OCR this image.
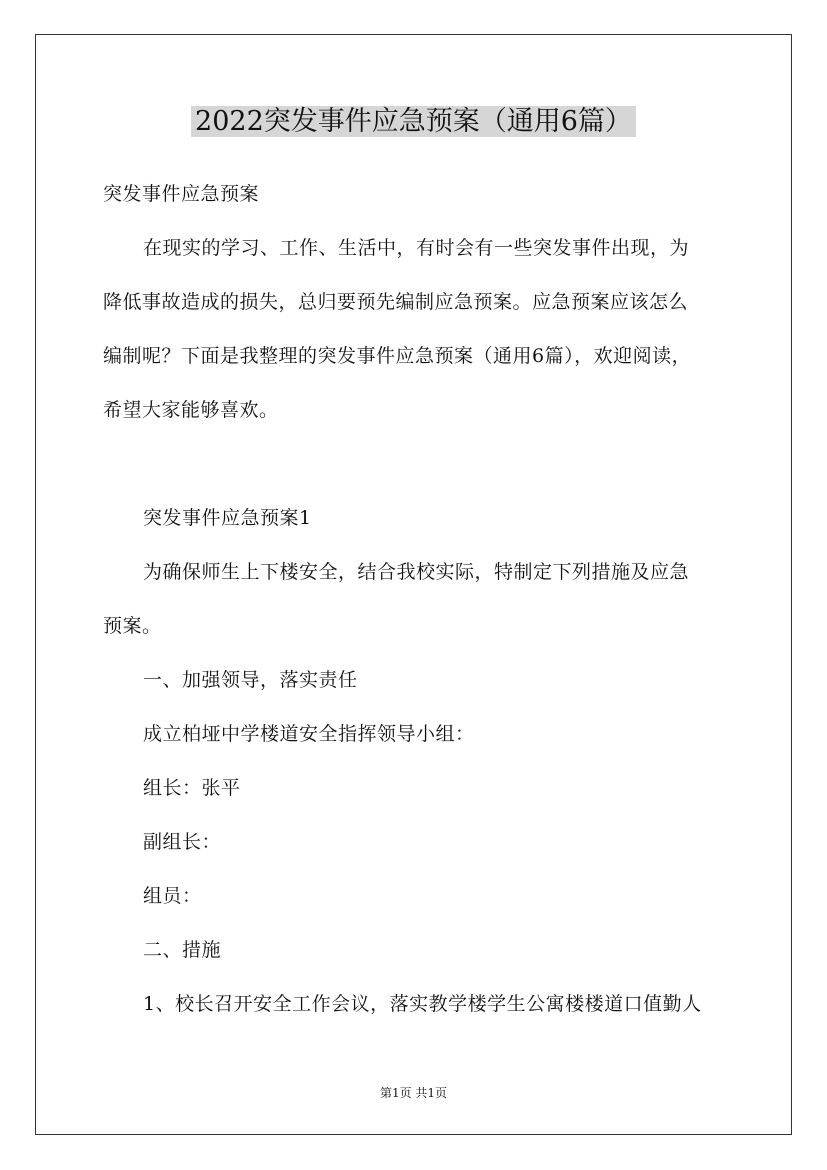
2022突发事件应急预案（通用6篇）
突发事件应急预案
在现实的学习、工作、生活中，有时会有一些突发事件出现，为
降低事故造成的损失，总归要预先编制应急预案。应急预案应该怎么
编制呢？下面是我整理的突发事件应急预案（通用6篇），欢迎阅读，
希望大家能够喜欢。
突发事件应急预案1
为确保师生上下楼安全，结合我校实际，特制定下列措施及应急
预案。
一、加强领导，落实责任
成立柏垭中学楼道安全指挥领导小组：
组长：张平
副组长：
组员：
二、措施
1、校长召开安全工作会议，落实教学楼学生公寓楼楼道口值勤人
第1页 共1页
